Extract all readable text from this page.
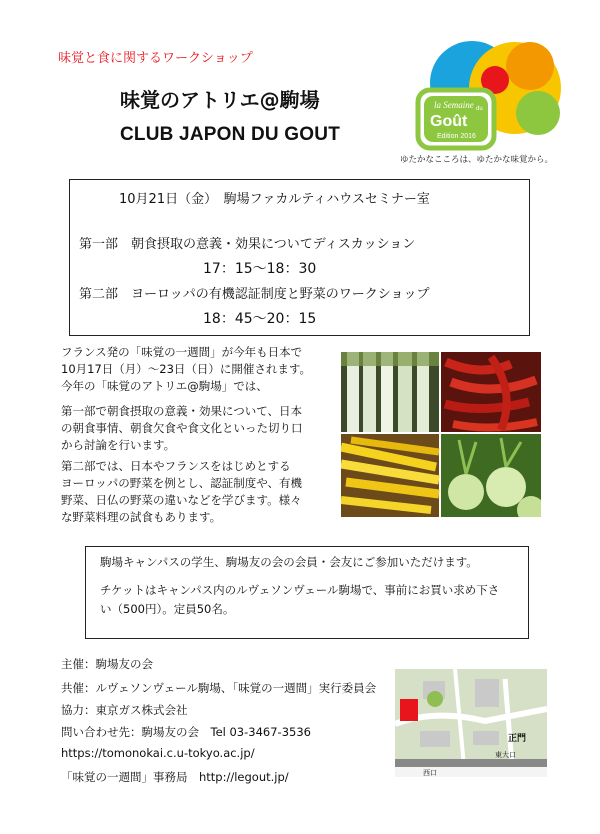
味覚と食に関するワークショップ
味覚のアトリエ@駒場
CLUB JAPON DU GOUT
la Semaine du
Goût
Edition 2016
ゆたかなこころは、ゆたかな味覚から。
10月21日（金）　駒場ファカルティハウスセミナー室
第一部　朝食摂取の意義・効果についてディスカッション
17：15〜18：30
第二部　ヨーロッパの有機認証制度と野菜のワークショップ
18：45〜20：15
フランス発の「味覚の一週間」が今年も日本で
10月17日（月）〜23日（日）に開催されます。
今年の「味覚のアトリエ@駒場」では、
第一部で朝食摂取の意義・効果について、日本
の朝食事情、朝食欠食や食文化といった切り口
から討論を行います。
第二部では、日本やフランスをはじめとする
ヨーロッパの野菜を例とし、認証制度や、有機
野菜、日仏の野菜の違いなどを学びます。様々
な野菜料理の試食もあります。
駒場キャンパスの学生、駒場友の会の会員・会友にご参加いただけます。
チケットはキャンパス内のルヴェソンヴェール駒場で、事前にお買い求め下さ
い（500円）。定員50名。
主催：駒場友の会
共催：ルヴェソンヴェール駒場、「味覚の一週間」実行委員会
協力：東京ガス株式会社
問い合わせ先：駒場友の会　Tel 03-3467-3536
https://tomonokai.c.u-tokyo.ac.jp/
「味覚の一週間」事務局　http://legout.jp/
正門
東大口
西口
